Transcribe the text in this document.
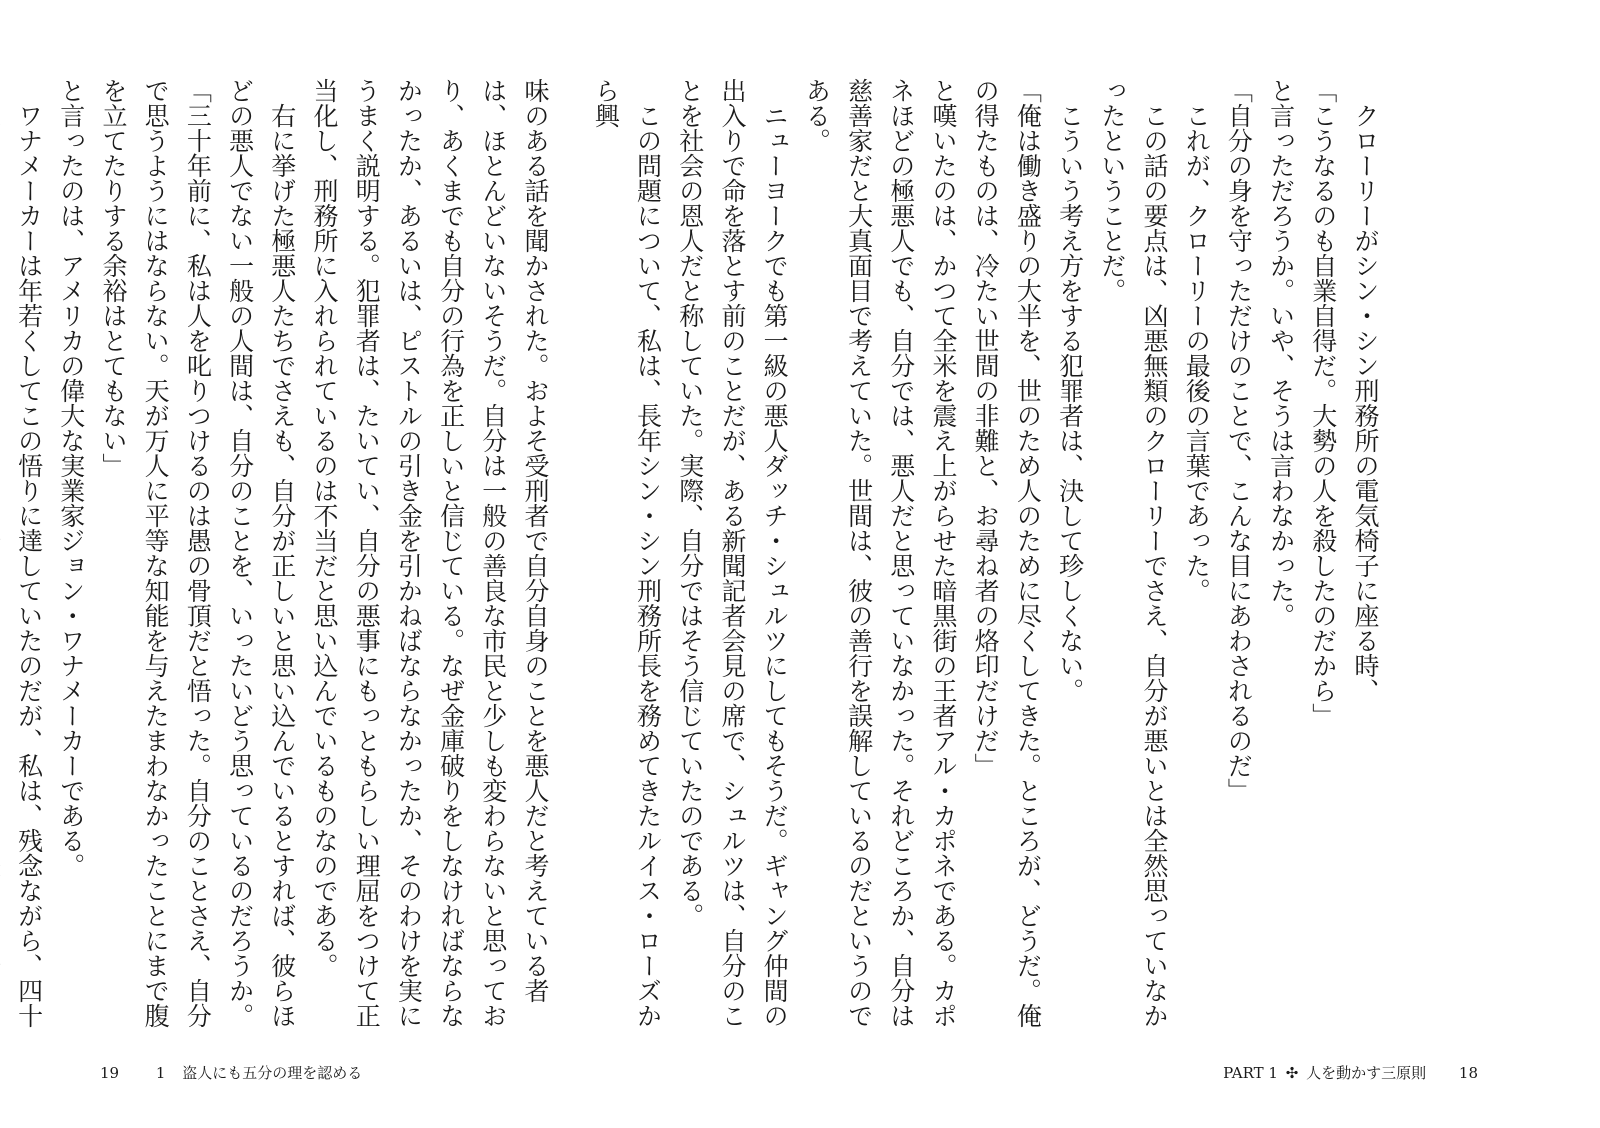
味のある話を聞かされた。およそ受刑者で自分自身のことを悪人だと考えている者は、ほとんどいないそうだ。自分は一般の善良な市民と少しも変わらないと思っており、あくまでも自分の行為を正しいと信じている。なぜ金庫破りをしなければならなかったか、あるいは、ピストルの引き金を引かねばならなかったか、そのわけを実にうまく説明する。犯罪者は、たいてい、自分の悪事にもっともらしい理屈をつけて正当化し、刑務所に入れられているのは不当だと思い込んでいるものなのである。

右に挙げた極悪人たちでさえも、自分が正しいと思い込んでいるとすれば、彼らほどの悪人でない一般の人間は、自分のことを、いったいどう思っているのだろうか。

「三十年前に、私は人を叱りつけるのは愚の骨頂だと悟った。自分のことさえ、自分で思うようにはならない。天が万人に平等な知能を与えたまわなかったことにまで腹を立てたりする余裕はとてもない」

と言ったのは、アメリカの偉大な実業家ジョン・ワナメーカーである。

ワナメーカーは年若くしてこの悟りに達していたのだが、私は、残念ながら、四十

19 1 盗人にも五分の理を認める

クローリーがシン・シン刑務所の電気椅子に座る時、

「こうなるのも自業自得だ。大勢の人を殺したのだから」

と言っただろうか。いや、そうは言わなかった。

「自分の身を守っただけのことで、こんな目にあわされるのだ」

これが、クローリーの最後の言葉であった。

この話の要点は、凶悪無類のクローリーでさえ、自分が悪いとは全然思っていなかったということだ。

こういう考え方をする犯罪者は、決して珍しくない。

「俺は働き盛りの大半を、世のため人のために尽くしてきた。ところが、どうだ。俺の得たものは、冷たい世間の非難と、お尋ね者の烙印だけだ」

と嘆いたのは、かつて全米を震え上がらせた暗黒街の王者アル・カポネである。カポネほどの極悪人でも、自分では、悪人だと思っていなかった。それどころか、自分は慈善家だと大真面目で考えていた。世間は、彼の善行を誤解しているのだというのである。

ニューヨークでも第一級の悪人ダッチ・シュルツにしてもそうだ。ギャング仲間の出入りで命を落とす前のことだが、ある新聞記者会見の席で、シュルツは、自分のことを社会の恩人だと称していた。実際、自分ではそう信じていたのである。

この問題について、私は、長年シン・シン刑務所長を務めてきたルイス・ローズから興

PART 1 ✣ 人を動かす三原則 18
